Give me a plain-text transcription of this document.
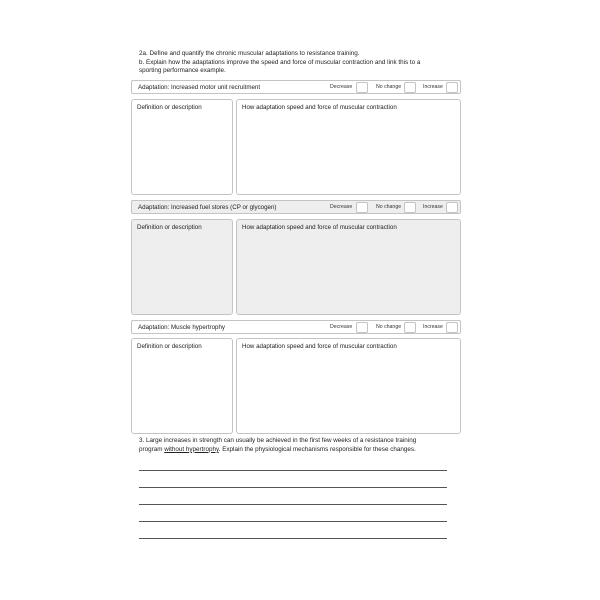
2a. Define and quantify the chronic muscular adaptations to resistance training.
b. Explain how the adaptations improve the speed and force of muscular contraction and link this to a
sporting performance example.
Adaptation: Increased motor unit recruitment	Decrease	No change	Increase
Definition or description	How adaptation speed and force of muscular contraction
Adaptation: Increased fuel stores (CP or glycogen)	Decrease	No change	Increase
Definition or description	How adaptation speed and force of muscular contraction
Adaptation: Muscle hypertrophy	Decrease	No change	Increase
Definition or description	How adaptation speed and force of muscular contraction
3. Large increases in strength can usually be achieved in the first few weeks of a resistance training
program without hypertrophy. Explain the physiological mechanisms responsible for these changes.
